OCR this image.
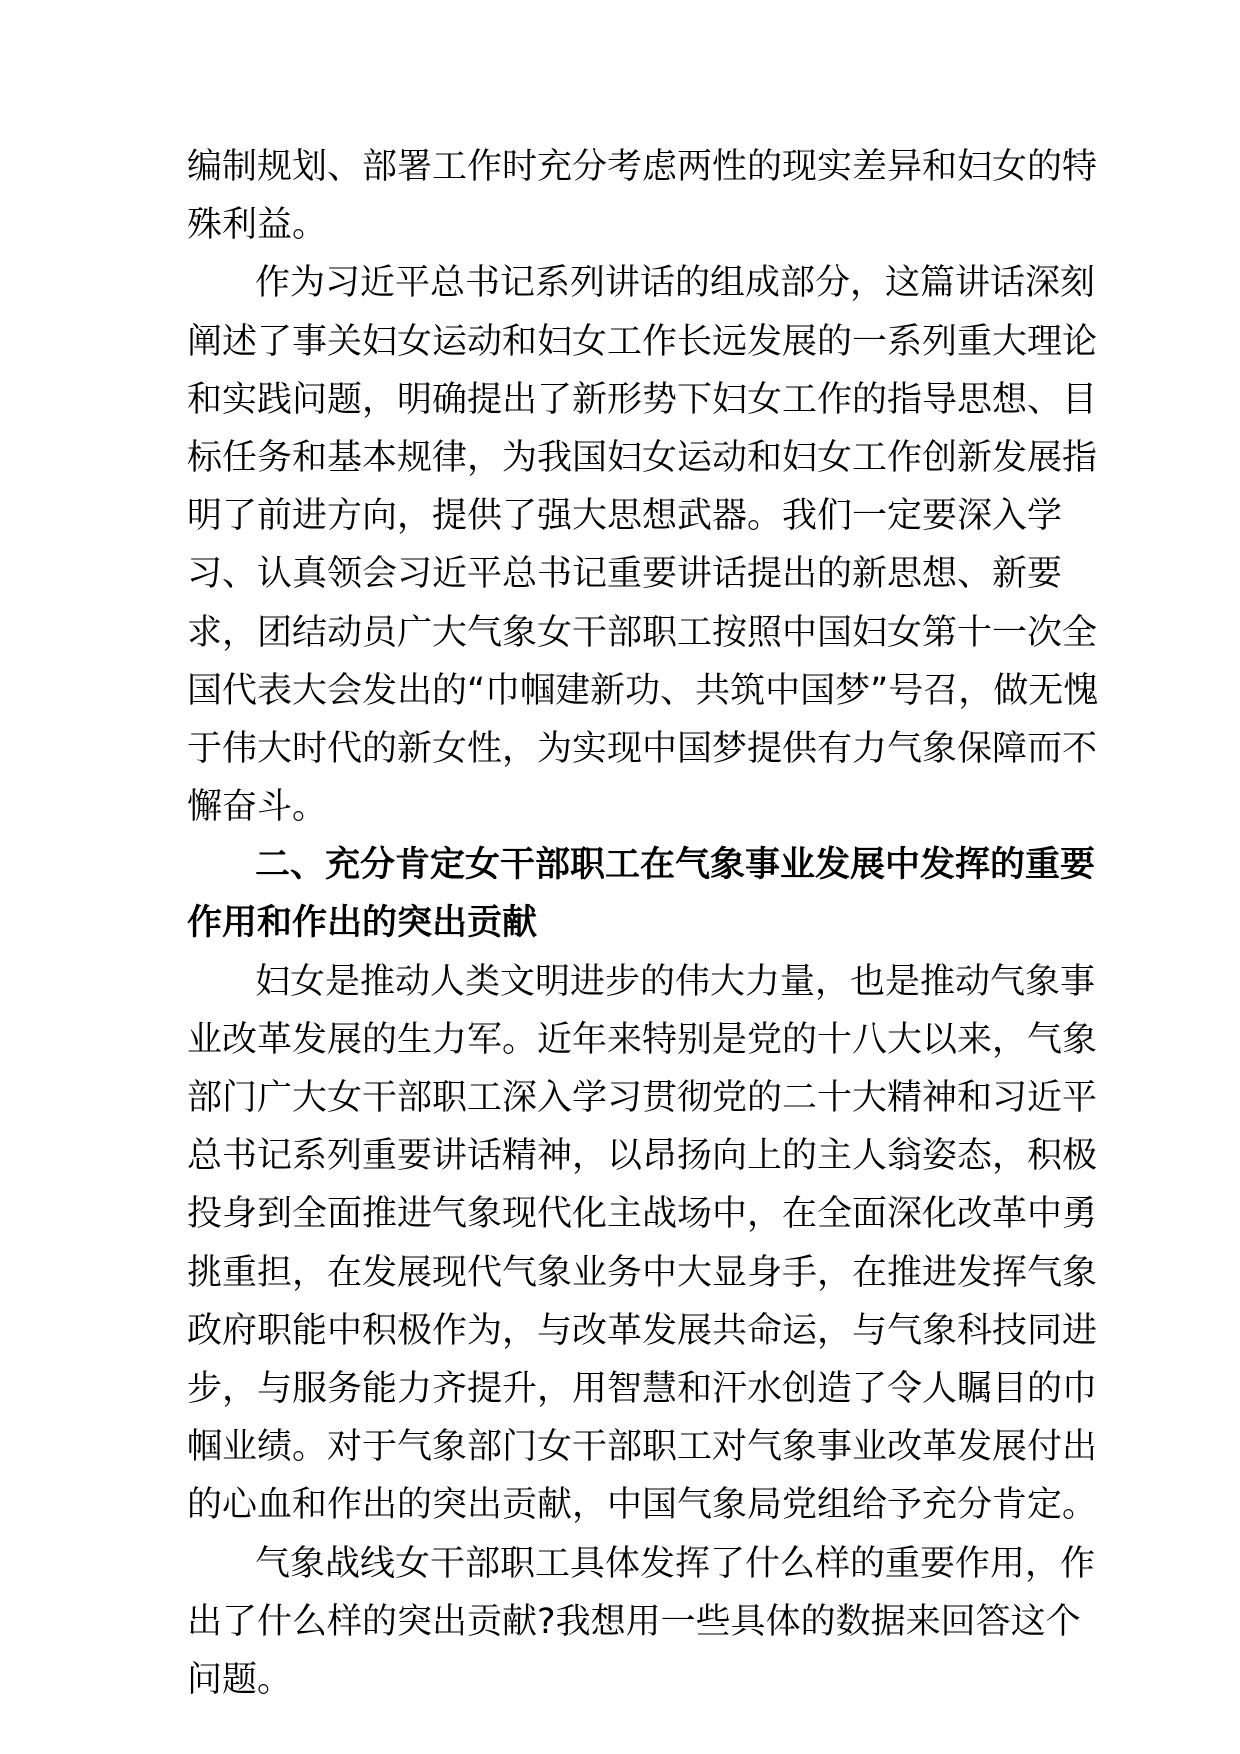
编制规划、部署工作时充分考虑两性的现实差异和妇女的特
殊利益。
作为习近平总书记系列讲话的组成部分，这篇讲话深刻
阐述了事关妇女运动和妇女工作长远发展的一系列重大理论
和实践问题，明确提出了新形势下妇女工作的指导思想、目
标任务和基本规律，为我国妇女运动和妇女工作创新发展指
明了前进方向，提供了强大思想武器。我们一定要深入学
习、认真领会习近平总书记重要讲话提出的新思想、新要
求，团结动员广大气象女干部职工按照中国妇女第十一次全
国代表大会发出的“巾帼建新功、共筑中国梦”号召，做无愧
于伟大时代的新女性，为实现中国梦提供有力气象保障而不
懈奋斗。
二、充分肯定女干部职工在气象事业发展中发挥的重要
作用和作出的突出贡献
妇女是推动人类文明进步的伟大力量，也是推动气象事
业改革发展的生力军。近年来特别是党的十八大以来，气象
部门广大女干部职工深入学习贯彻党的二十大精神和习近平
总书记系列重要讲话精神，以昂扬向上的主人翁姿态，积极
投身到全面推进气象现代化主战场中，在全面深化改革中勇
挑重担，在发展现代气象业务中大显身手，在推进发挥气象
政府职能中积极作为，与改革发展共命运，与气象科技同进
步，与服务能力齐提升，用智慧和汗水创造了令人瞩目的巾
帼业绩。对于气象部门女干部职工对气象事业改革发展付出
的心血和作出的突出贡献，中国气象局党组给予充分肯定。
气象战线女干部职工具体发挥了什么样的重要作用，作
出了什么样的突出贡献?我想用一些具体的数据来回答这个
问题。
